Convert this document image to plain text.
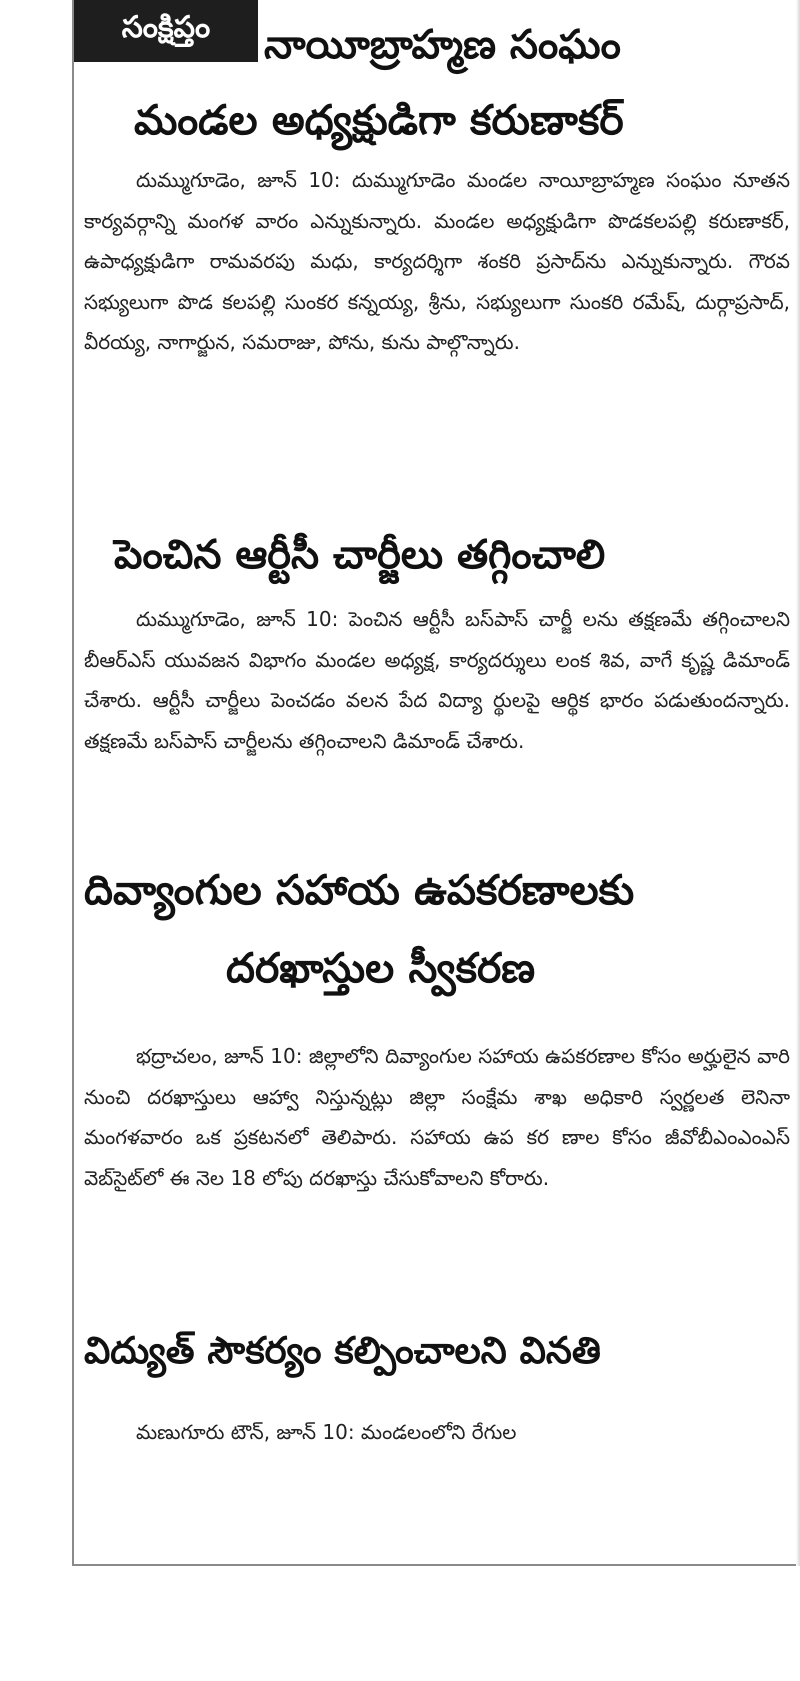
సంక్షిప్తం	నాయీబ్రాహ్మణ సంఘం
మండల అధ్యక్షుడిగా కరుణాకర్

దుమ్ముగూడెం, జూన్ 10: దుమ్ముగూడెం మండల నాయీబ్రాహ్మణ సంఘం నూతన కార్యవర్గాన్ని మంగళ వారం ఎన్నుకున్నారు. మండల అధ్యక్షుడిగా పొడకలపల్లి కరుణాకర్, ఉపాధ్యక్షుడిగా రామవరపు మధు, కార్యదర్శిగా శంకరి ప్రసాద్‌ను ఎన్నుకున్నారు. గౌరవ సభ్యులుగా పొడ కలపల్లి సుంకర కన్నయ్య, శ్రీను, సభ్యులుగా సుంకరి రమేష్, దుర్గాప్రసాద్, వీరయ్య, నాగార్జున, సమరాజు, పోను, కును పాల్గొన్నారు.

పెంచిన ఆర్టీసీ చార్జీలు తగ్గించాలి

దుమ్ముగూడెం, జూన్ 10: పెంచిన ఆర్టీసీ బస్‌పాస్ చార్జీ లను తక్షణమే తగ్గించాలని బీఆర్ఎస్ యువజన విభాగం మండల అధ్యక్ష, కార్యదర్శులు లంక శివ, వాగే కృష్ణ డిమాండ్ చేశారు. ఆర్టీసీ చార్జీలు పెంచడం వలన పేద విద్యా ర్థులపై ఆర్థిక భారం పడుతుందన్నారు. తక్షణమే బస్‌పాస్ చార్జీలను తగ్గించాలని డిమాండ్ చేశారు.

దివ్యాంగుల సహాయ ఉపకరణాలకు
దరఖాస్తుల స్వీకరణ

భద్రాచలం, జూన్ 10: జిల్లాలోని దివ్యాంగుల సహాయ ఉపకరణాల కోసం అర్హులైన వారి నుంచి దరఖాస్తులు ఆహ్వా నిస్తున్నట్లు జిల్లా సంక్షేమ శాఖ అధికారి స్వర్ణలత లెనినా మంగళవారం ఒక ప్రకటనలో తెలిపారు. సహాయ ఉప కర ణాల కోసం జీవోబీఎంఎంఎస్ వెబ్‌సైట్‌లో ఈ నెల 18 లోపు దరఖాస్తు చేసుకోవాలని కోరారు.

విద్యుత్ సౌకర్యం కల్పించాలని వినతి

మణుగూరు టౌన్, జూన్ 10: మండలంలోని రేగుల
